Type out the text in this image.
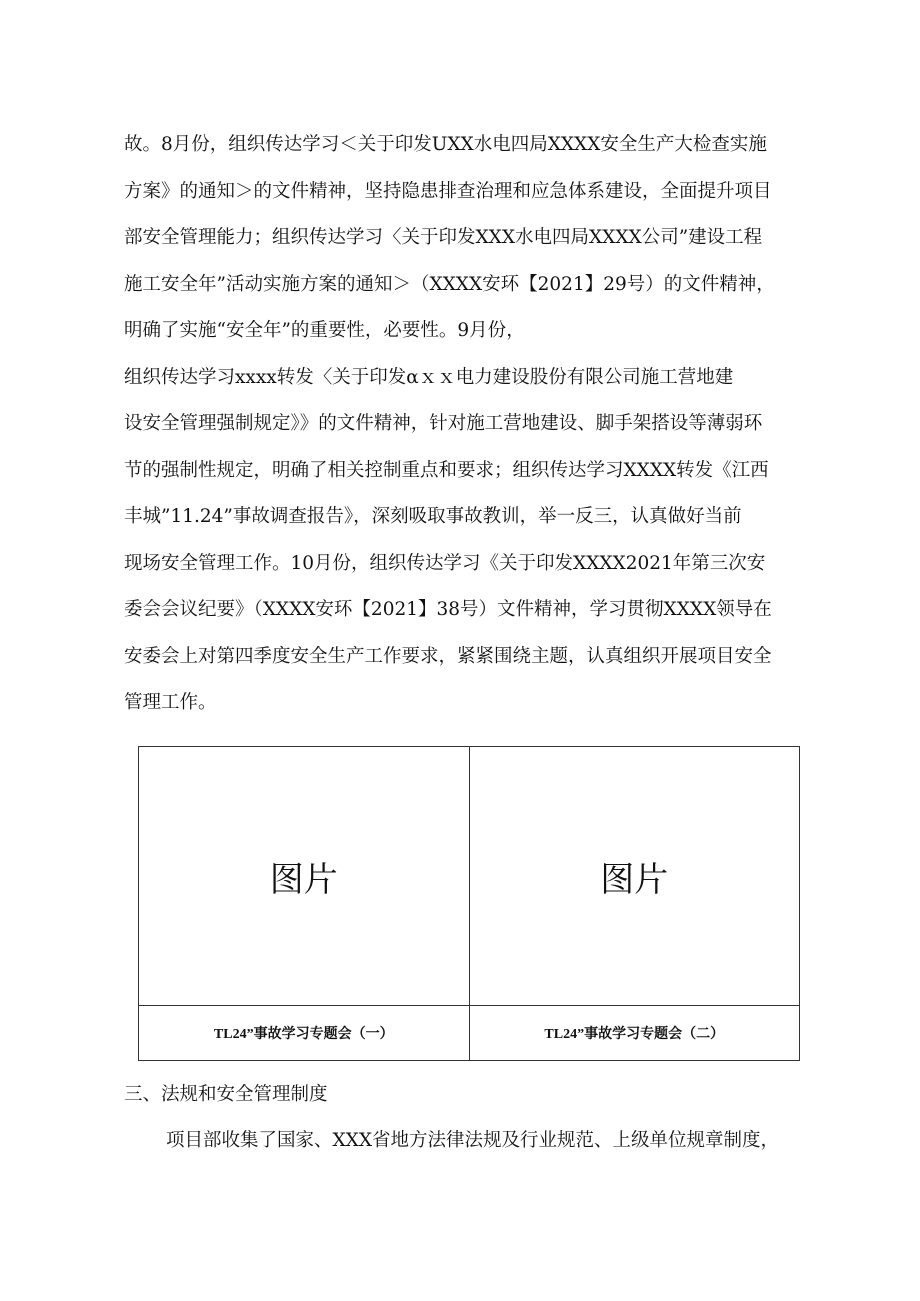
故。8月份，组织传达学习＜关于印发UXX水电四局XXXX安全生产大检查实施
方案》的通知＞的文件精神，坚持隐患排查治理和应急体系建设，全面提升项目
部安全管理能力；组织传达学习〈关于印发XXX水电四局XXXX公司”建设工程
施工安全年”活动实施方案的通知＞（XXXX安环【2021】29号）的文件精神，
明确了实施“安全年”的重要性，必要性。9月份，
组织传达学习xxxx转发〈关于印发αｘｘ电力建设股份有限公司施工营地建
设安全管理强制规定》》的文件精神，针对施工营地建设、脚手架搭设等薄弱环
节的强制性规定，明确了相关控制重点和要求；组织传达学习XXXX转发《江西
丰城”11.24”事故调查报告》，深刻吸取事故教训，举一反三，认真做好当前
现场安全管理工作。10月份，组织传达学习《关于印发XXXX2021年第三次安
委会会议纪要》（XXXX安环【2021】38号）文件精神，学习贯彻XXXX领导在
安委会上对第四季度安全生产工作要求，紧紧围绕主题，认真组织开展项目安全
管理工作。

图片	图片
TL24”事故学习专题会（一）	TL24”事故学习专题会（二）

三、法规和安全管理制度

项目部收集了国家、XXX省地方法律法规及行业规范、上级单位规章制度，
